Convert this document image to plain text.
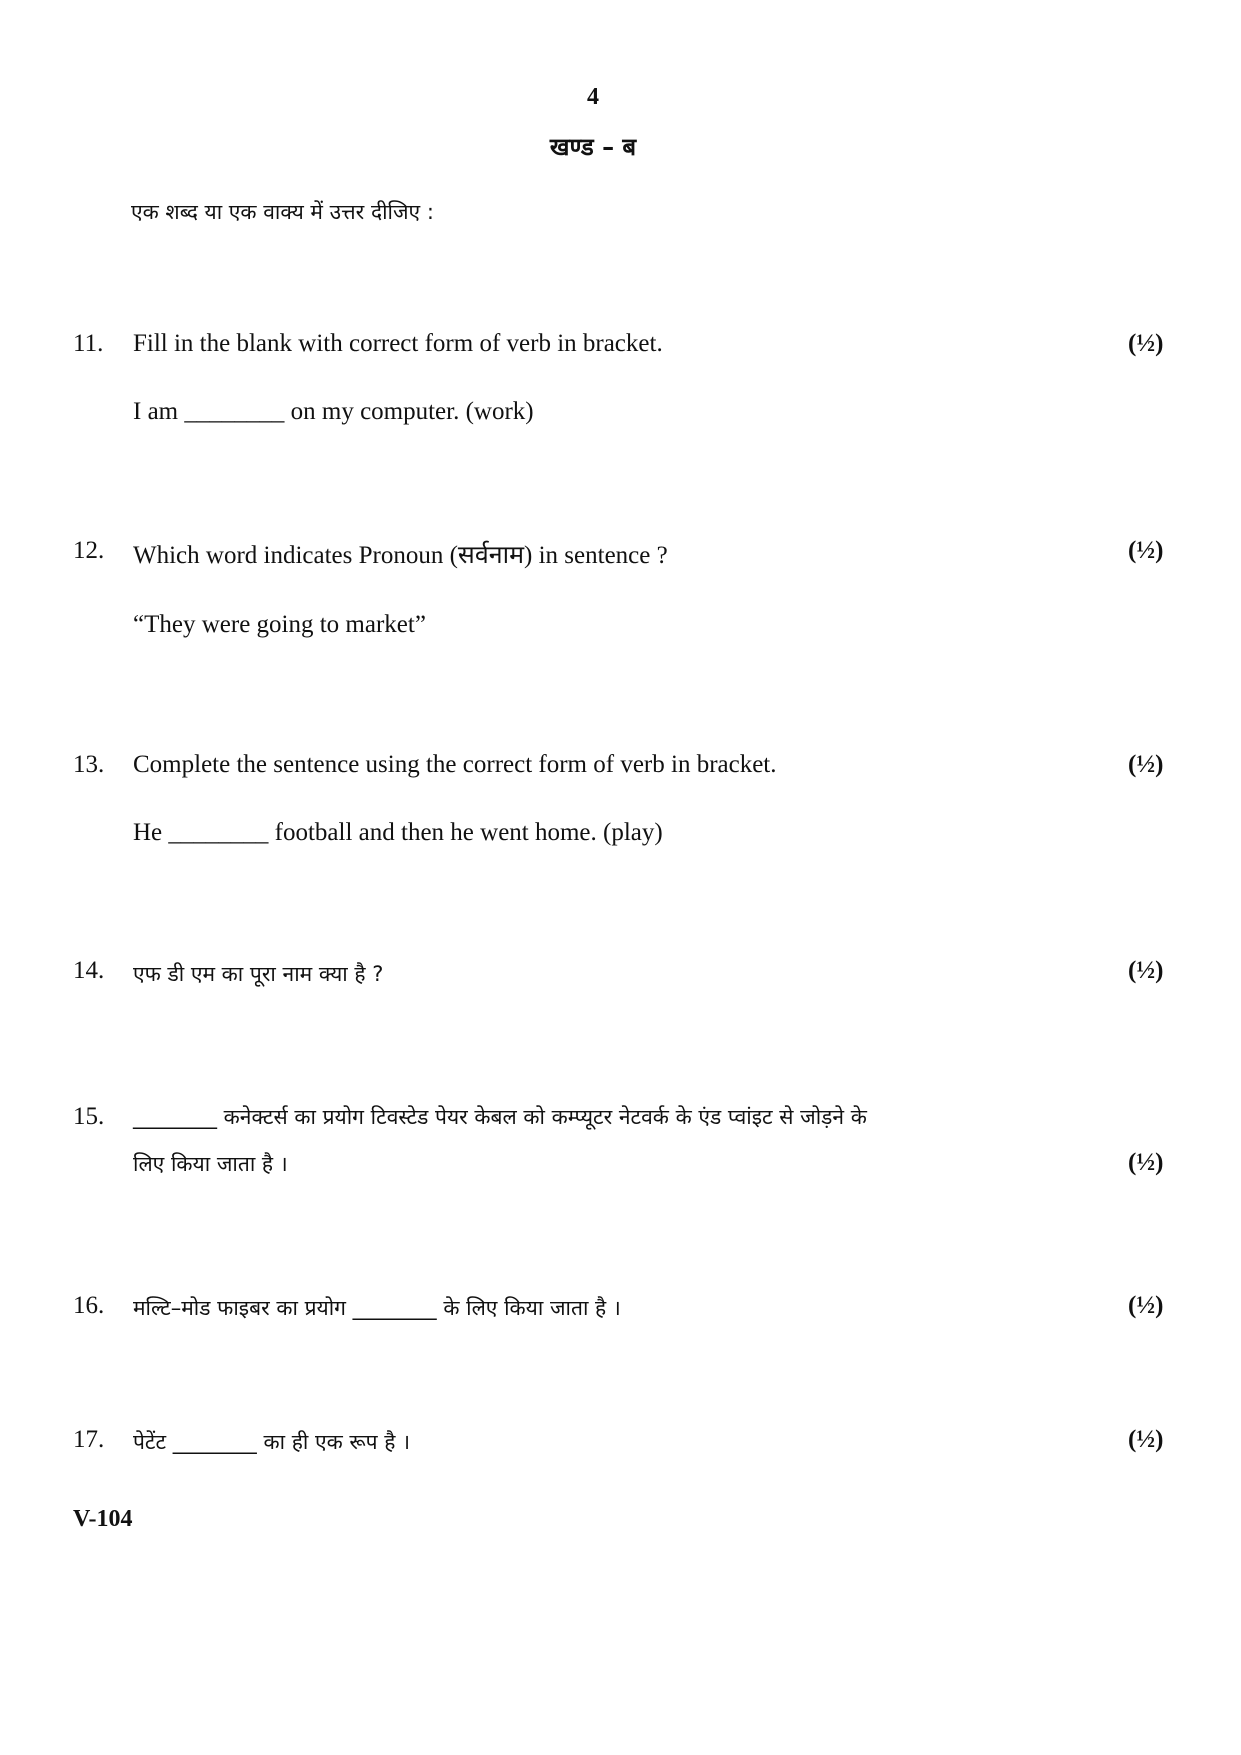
4
खण्ड – ब
एक शब्द या एक वाक्य में उत्तर दीजिए :
11. Fill in the blank with correct form of verb in bracket.	(½)
I am ________ on my computer. (work)
12. Which word indicates Pronoun (सर्वनाम) in sentence ?	(½)
“They were going to market”
13. Complete the sentence using the correct form of verb in bracket.	(½)
He ________ football and then he went home. (play)
14. एफ डी एम का पूरा नाम क्या है ?	(½)
15. ________ कनेक्टर्स का प्रयोग टिवस्टेड पेयर केबल को कम्प्यूटर नेटवर्क के एंड प्वांइट से जोड़ने के
लिए किया जाता है ।	(½)
16. मल्टि–मोड फाइबर का प्रयोग ________ के लिए किया जाता है ।	(½)
17. पेटेंट ________ का ही एक रूप है ।	(½)
V-104
